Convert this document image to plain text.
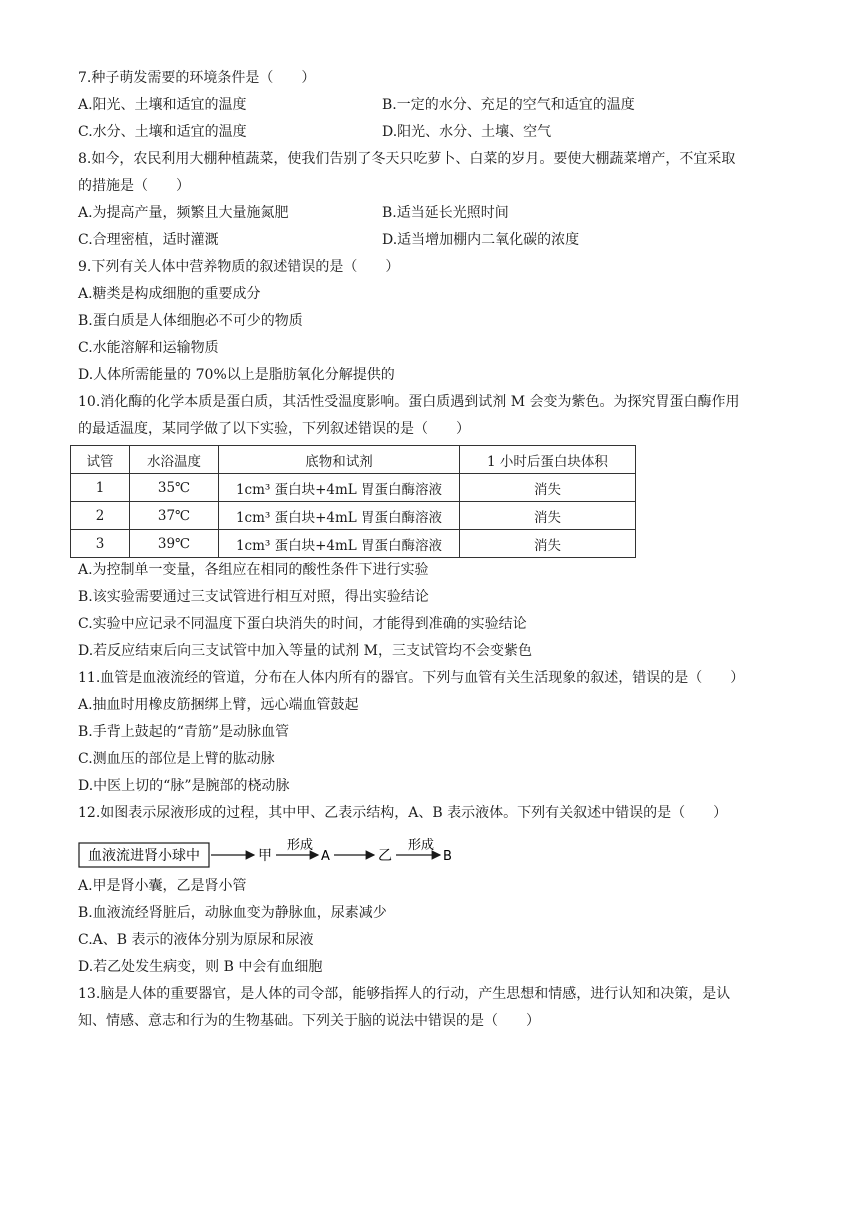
7.种子萌发需要的环境条件是（　　）
A.阳光、土壤和适宜的温度	B.一定的水分、充足的空气和适宜的温度
C.水分、土壤和适宜的温度	D.阳光、水分、土壤、空气
8.如今，农民利用大棚种植蔬菜，使我们告别了冬天只吃萝卜、白菜的岁月。要使大棚蔬菜增产，不宜采取
的措施是（　　）
A.为提高产量，频繁且大量施氮肥	B.适当延长光照时间
C.合理密植，适时灌溉	D.适当增加棚内二氧化碳的浓度
9.下列有关人体中营养物质的叙述错误的是（　　）
A.糖类是构成细胞的重要成分
B.蛋白质是人体细胞必不可少的物质
C.水能溶解和运输物质
D.人体所需能量的 70%以上是脂肪氧化分解提供的
10.消化酶的化学本质是蛋白质，其活性受温度影响。蛋白质遇到试剂 M 会变为紫色。为探究胃蛋白酶作用
的最适温度，某同学做了以下实验，下列叙述错误的是（　　）
试管	水浴温度	底物和试剂	1 小时后蛋白块体积
1	35℃	1cm³ 蛋白块+4mL 胃蛋白酶溶液	消失
2	37℃	1cm³ 蛋白块+4mL 胃蛋白酶溶液	消失
3	39℃	1cm³ 蛋白块+4mL 胃蛋白酶溶液	消失
A.为控制单一变量，各组应在相同的酸性条件下进行实验
B.该实验需要通过三支试管进行相互对照，得出实验结论
C.实验中应记录不同温度下蛋白块消失的时间，才能得到准确的实验结论
D.若反应结束后向三支试管中加入等量的试剂 M，三支试管均不会变紫色
11.血管是血液流经的管道，分布在人体内所有的器官。下列与血管有关生活现象的叙述，错误的是（　　）
A.抽血时用橡皮筋捆绑上臂，远心端血管鼓起
B.手背上鼓起的“青筋”是动脉血管
C.测血压的部位是上臂的肱动脉
D.中医上切的“脉”是腕部的桡动脉
12.如图表示尿液形成的过程，其中甲、乙表示结构，A、B 表示液体。下列有关叙述中错误的是（　　）
血液流进肾小球中	甲
形成
A	乙
形成
B
A.甲是肾小囊，乙是肾小管
B.血液流经肾脏后，动脉血变为静脉血，尿素减少
C.A、B 表示的液体分别为原尿和尿液
D.若乙处发生病变，则 B 中会有血细胞
13.脑是人体的重要器官，是人体的司令部，能够指挥人的行动，产生思想和情感，进行认知和决策，是认
知、情感、意志和行为的生物基础。下列关于脑的说法中错误的是（　　）
